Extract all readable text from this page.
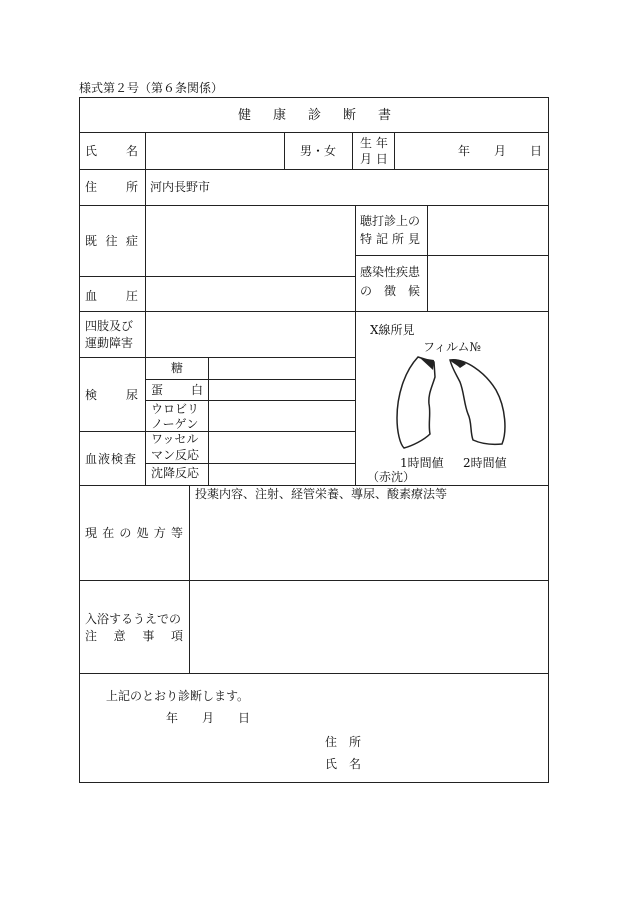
様式第２号（第６条関係）
健 康 診 断 書
氏 名	男・女
生 年
月 日
年 月 日
住 所 河内長野市
既 往 症
聴打診上の
特 記 所 見
感染性疾患
の 徴 候
血 圧
四肢及び
運動障害
検 尿
糖
蛋 白
ウロビリ
ノーゲン
血液検査
ワッセル
マン反応
沈降反応
X線所見
フィルム№
1時間値 2時間値
（赤沈）
現 在 の 処 方 等
投薬内容、注射、経管栄養、導尿、酸素療法等
入浴するうえでの
注 意 事 項
上記のとおり診断します。
年 月 日
住　所
氏　名
